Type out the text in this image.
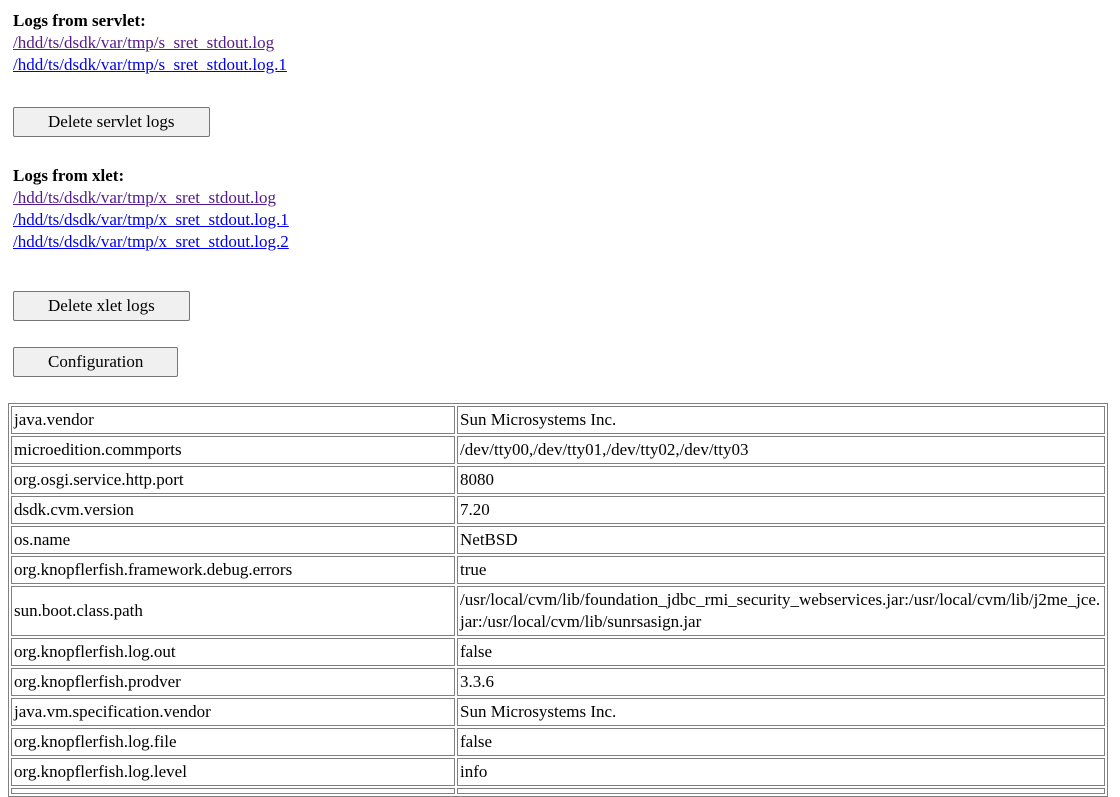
Logs from servlet:
/hdd/ts/dsdk/var/tmp/s_sret_stdout.log
/hdd/ts/dsdk/var/tmp/s_sret_stdout.log.1
Delete servlet logs
Logs from xlet:
/hdd/ts/dsdk/var/tmp/x_sret_stdout.log
/hdd/ts/dsdk/var/tmp/x_sret_stdout.log.1
/hdd/ts/dsdk/var/tmp/x_sret_stdout.log.2
Delete xlet logs
Configuration
java.vendor	Sun Microsystems Inc.
microedition.commports	/dev/tty00,/dev/tty01,/dev/tty02,/dev/tty03
org.osgi.service.http.port	8080
dsdk.cvm.version	7.20
os.name	NetBSD
org.knopflerfish.framework.debug.errors	true
sun.boot.class.path	/usr/local/cvm/lib/foundation_jdbc_rmi_security_webservices.jar:/usr/local/cvm/lib/j2me_jce.jar:/usr/local/cvm/lib/sunrsasign.jar
org.knopflerfish.log.out	false
org.knopflerfish.prodver	3.3.6
java.vm.specification.vendor	Sun Microsystems Inc.
org.knopflerfish.log.file	false
org.knopflerfish.log.level	info
